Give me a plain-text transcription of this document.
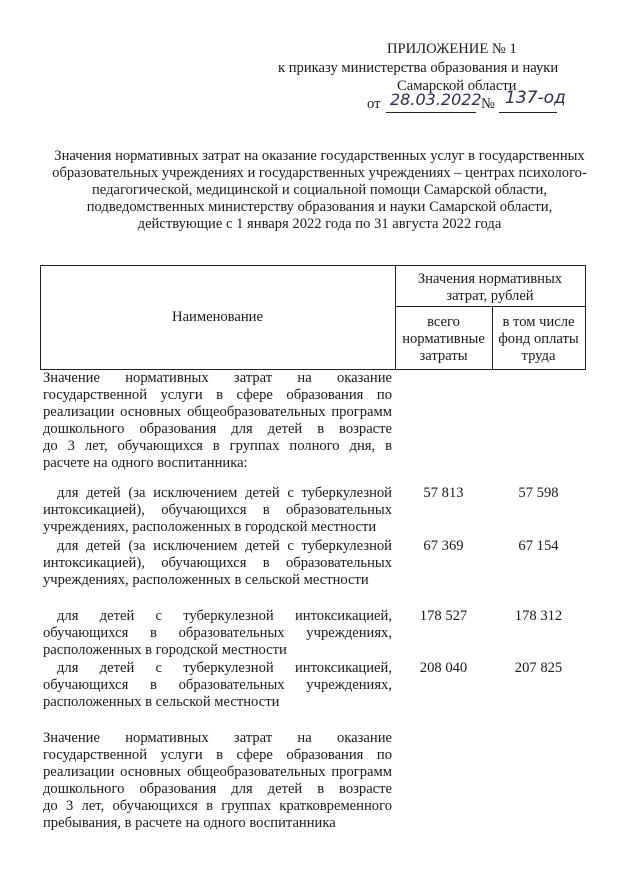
ПРИЛОЖЕНИЕ № 1
к приказу министерства образования и науки
Самарской области
от 28.03.2022 № 137-од
Значения нормативных затрат на оказание государственных услуг в государственных
образовательных учреждениях и государственных учреждениях – центрах психолого-
педагогической, медицинской и социальной помощи Самарской области,
подведомственных министерству образования и науки Самарской области,
действующие с 1 января 2022 года по 31 августа 2022 года
Наименование
Значения нормативных
затрат, рублей
всего
нормативные
затраты
в том числе
фонд оплаты
труда
Значение нормативных затрат на оказание
государственной услуги в сфере образования по
реализации основных общеобразовательных программ
дошкольного образования для детей в возрасте
до 3 лет, обучающихся в группах полного дня, в
расчете на одного воспитанника:
для детей (за исключением детей с туберкулезной
интоксикацией), обучающихся в образовательных
учреждениях, расположенных в городской местности
57 813	57 598
для детей (за исключением детей с туберкулезной
интоксикацией), обучающихся в образовательных
учреждениях, расположенных в сельской местности
67 369	67 154
для детей с туберкулезной интоксикацией,
обучающихся в образовательных учреждениях,
расположенных в городской местности
178 527	178 312
для детей с туберкулезной интоксикацией,
обучающихся в образовательных учреждениях,
расположенных в сельской местности
208 040	207 825
Значение нормативных затрат на оказание
государственной услуги в сфере образования по
реализации основных общеобразовательных программ
дошкольного образования для детей в возрасте
до 3 лет, обучающихся в группах кратковременного
пребывания, в расчете на одного воспитанника
